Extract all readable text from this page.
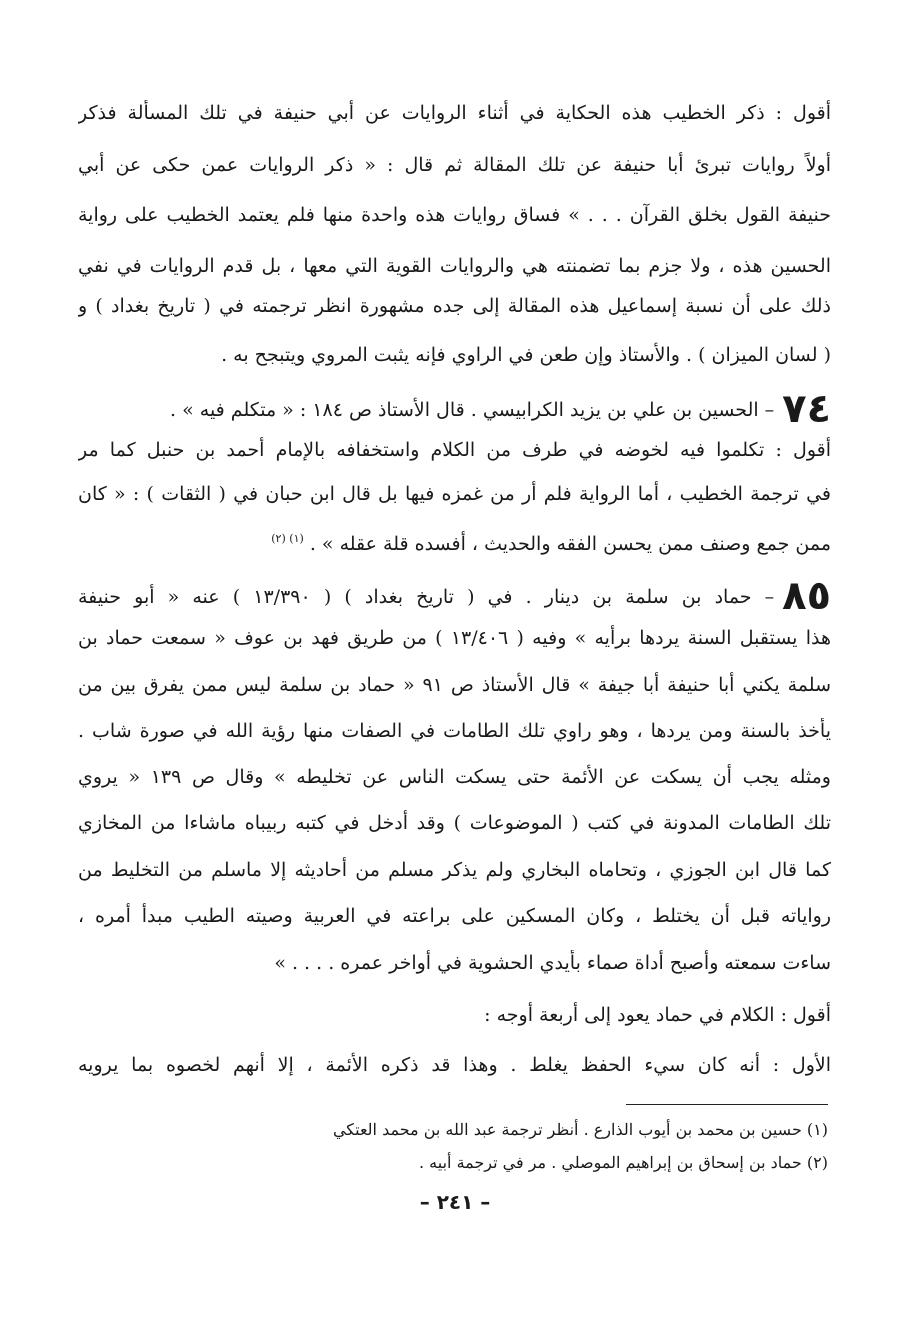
أقول : ذكر الخطيب هذه الحكاية في أثناء الروايات عن أبي حنيفة في تلك المسألة فذكر
أولاً روايات تبرئ أبا حنيفة عن تلك المقالة ثم قال : « ذكر الروايات عمن حكى عن أبي
حنيفة القول بخلق القرآن . . . » فساق روايات هذه واحدة منها فلم يعتمد الخطيب على رواية
الحسين هذه ، ولا جزم بما تضمنته هي والروايات القوية التي معها ، بل قدم الروايات في نفي
ذلك على أن نسبة إسماعيل هذه المقالة إلى جده مشهورة انظر ترجمته في ( تاريخ بغداد ) و
( لسان الميزان ) . والأستاذ وإن طعن في الراوي فإنه يثبت المروي ويتبجح به .
٧٤– الحسين بن علي بن يزيد الكرابيسي . قال الأستاذ ص ١٨٤ : « متكلم فيه » .
أقول : تكلموا فيه لخوضه في طرف من الكلام واستخفافه بالإمام أحمد بن حنبل كما مر
في ترجمة الخطيب ، أما الرواية فلم أر من غمزه فيها بل قال ابن حبان في ( الثقات ) : « كان
ممن جمع وصنف ممن يحسن الفقه والحديث ، أفسده قلة عقله » . $^{(١) (٢)}$
٨٥– حماد بن سلمة بن دينار . في ( تاريخ بغداد ) ( ١٣/٣٩٠ ) عنه « أبو حنيفة
هذا يستقبل السنة يردها برأيه » وفيه ( ١٣/٤٠٦ ) من طريق فهد بن عوف « سمعت حماد بن
سلمة يكني أبا حنيفة أبا جيفة » قال الأستاذ ص ٩١ « حماد بن سلمة ليس ممن يفرق بين من
يأخذ بالسنة ومن يردها ، وهو راوي تلك الطامات في الصفات منها رؤية الله في صورة شاب .
ومثله يجب أن يسكت عن الأئمة حتى يسكت الناس عن تخليطه » وقال ص ١٣٩ « يروي
تلك الطامات المدونة في كتب ( الموضوعات ) وقد أدخل في كتبه ربيباه ماشاءا من المخازي
كما قال ابن الجوزي ، وتحاماه البخاري ولم يذكر مسلم من أحاديثه إلا ماسلم من التخليط من
رواياته قبل أن يختلط ، وكان المسكين على براعته في العربية وصيته الطيب مبدأ أمره ،
ساءت سمعته وأصبح أداة صماء بأيدي الحشوية في أواخر عمره . . . . »
أقول : الكلام في حماد يعود إلى أربعة أوجه :
الأول : أنه كان سيء الحفظ يغلط . وهذا قد ذكره الأئمة ، إلا أنهم لخصوه بما يرويه
(١) حسين بن محمد بن أيوب الذارع . أنظر ترجمة عبد الله بن محمد العتكي
(٢) حماد بن إسحاق بن إبراهيم الموصلي . مر في ترجمة أبيه .
– ٢٤١ –
